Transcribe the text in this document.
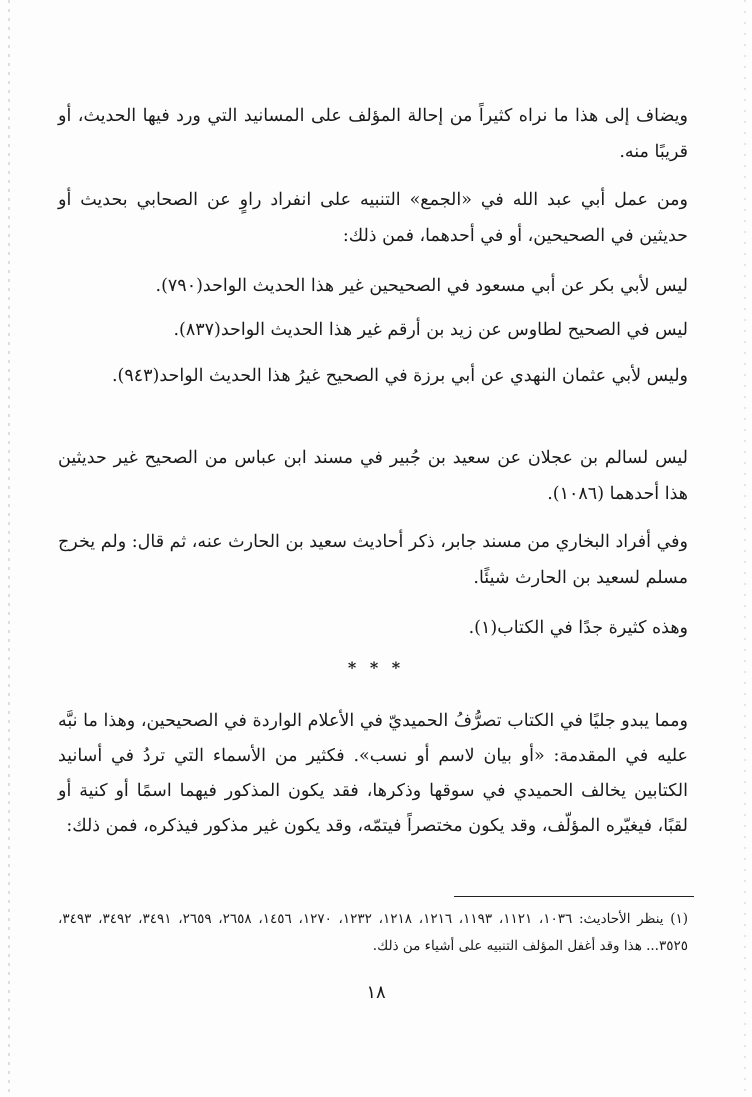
ويضاف إلى هذا ما نراه كثيراً من إحالة المؤلف على المسانيد التي ورد فيها الحديث، أو قريبًا منه.

ومن عمل أبي عبد الله في «الجمع» التنبيه على انفراد راوٍ عن الصحابي بحديث أو حديثين في الصحيحين، أو في أحدهما، فمن ذلك:

ليس لأبي بكر عن أبي مسعود في الصحيحين غير هذا الحديث الواحد(٧٩٠).

ليس في الصحيح لطاوس عن زيد بن أرقم غير هذا الحديث الواحد(٨٣٧).

وليس لأبي عثمان النهدي عن أبي برزة في الصحيح غيرُ هذا الحديث الواحد(٩٤٣).

ليس لسالم بن عجلان عن سعيد بن جُبير في مسند ابن عباس من الصحيح غير حديثين هذا أحدهما (١٠٨٦).

وفي أفراد البخاري من مسند جابر، ذكر أحاديث سعيد بن الحارث عنه، ثم قال: ولم يخرج مسلم لسعيد بن الحارث شيئًا.

وهذه كثيرة جدًا في الكتاب(١).

* * *

ومما يبدو جليًا في الكتاب تصرُّفُ الحميديّ في الأعلام الواردة في الصحيحين، وهذا ما نبَّه عليه في المقدمة: «أو بيان لاسم أو نسب». فكثير من الأسماء التي تردُ في أسانيد الكتابين يخالف الحميدي في سوقها وذكرها، فقد يكون المذكور فيهما اسمًا أو كنية أو لقبًا، فيغيّره المؤلّف، وقد يكون مختصراً فيتمّه، وقد يكون غير مذكور فيذكره، فمن ذلك:

(١) ينظر الأحاديث: ١٠٣٦، ١١٢١، ١١٩٣، ١٢١٦، ١٢١٨، ١٢٣٢، ١٢٧٠، ١٤٥٦، ٢٦٥٨، ٢٦٥٩، ٣٤٩١، ٣٤٩٢، ٣٤٩٣، ٣٥٢٥... هذا وقد أغفل المؤلف التنبيه على أشياء من ذلك.

١٨
